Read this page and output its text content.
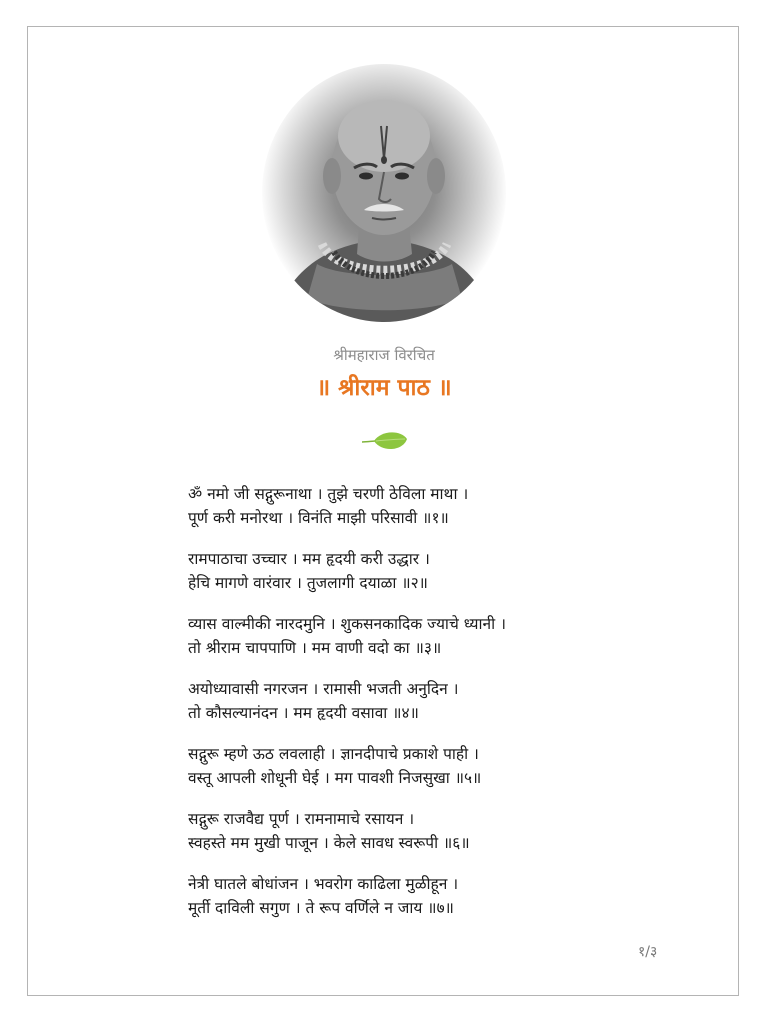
श्रीमहाराज विरचित
॥ श्रीराम पाठ ॥
ॐ नमो जी सद्गुरूनाथा । तुझे चरणी ठेविला माथा ।
पूर्ण करी मनोरथा । विनंति माझी परिसावी ॥१॥
रामपाठाचा उच्चार । मम हृदयी करी उद्धार ।
हेचि मागणे वारंवार । तुजलागी दयाळा ॥२॥
व्यास वाल्मीकी नारदमुनि । शुकसनकादिक ज्याचे ध्यानी ।
तो श्रीराम चापपाणि । मम वाणी वदो का ॥३॥
अयोध्यावासी नगरजन । रामासी भजती अनुदिन ।
तो कौसल्यानंदन । मम हृदयी वसावा ॥४॥
सद्गुरू म्हणे ऊठ लवलाही । ज्ञानदीपाचे प्रकाशे पाही ।
वस्तू आपली शोधूनी घेई । मग पावशी निजसुखा ॥५॥
सद्गुरू राजवैद्य पूर्ण । रामनामाचे रसायन ।
स्वहस्ते मम मुखी पाजून । केले सावध स्वरूपी ॥६॥
नेत्री घातले बोधांजन । भवरोग काढिला मुळीहून ।
मूर्ती दाविली सगुण । ते रूप वर्णिले न जाय ॥७॥
१/३
